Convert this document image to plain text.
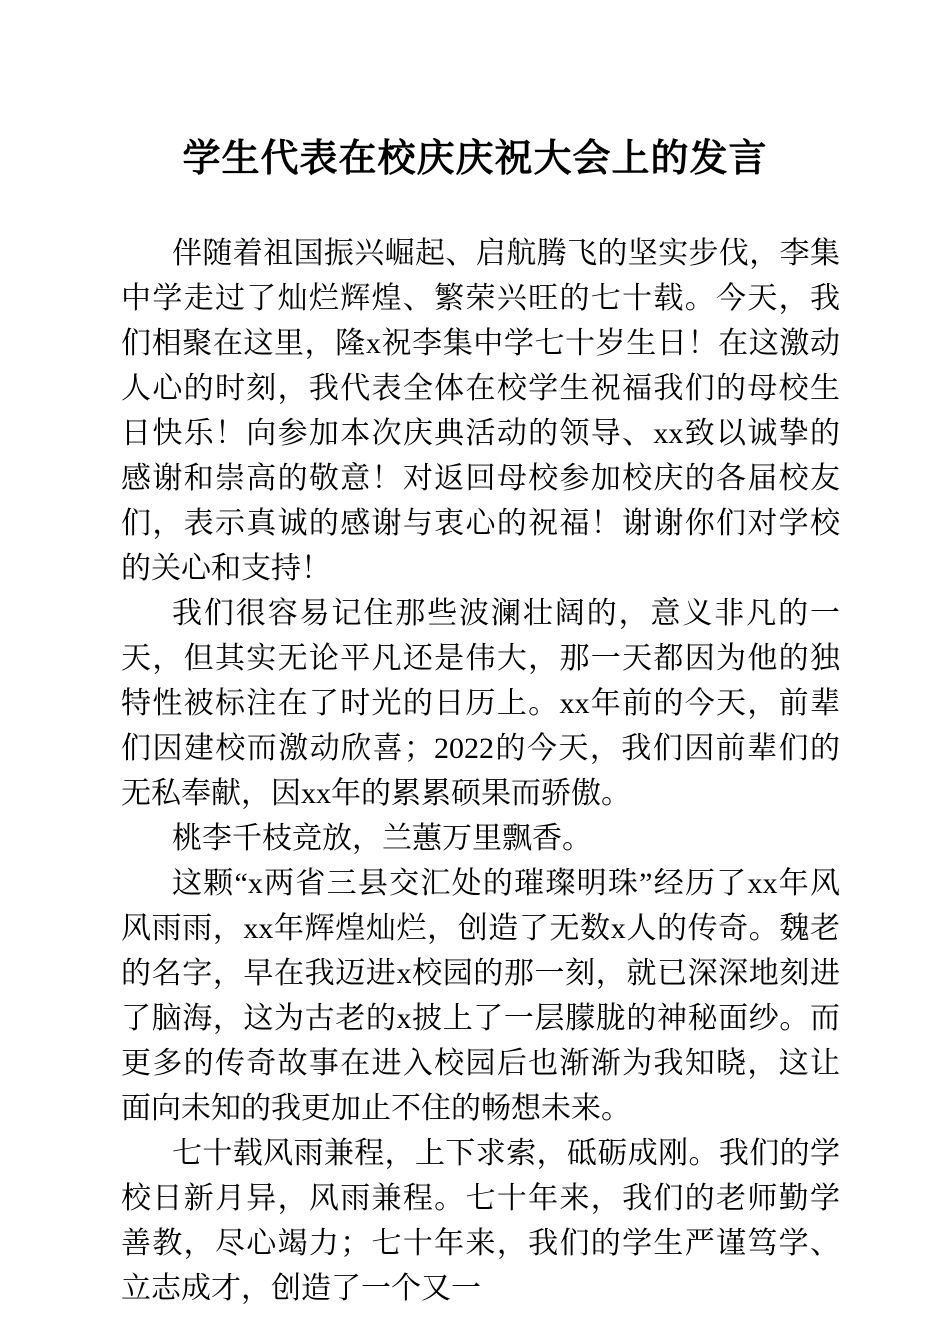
学生代表在校庆庆祝大会上的发言

伴随着祖国振兴崛起、启航腾飞的坚实步伐，李集中学走过了灿烂辉煌、繁荣兴旺的七十载。今天，我们相聚在这里，隆x祝李集中学七十岁生日！在这激动人心的时刻，我代表全体在校学生祝福我们的母校生日快乐！向参加本次庆典活动的领导、xx致以诚挚的感谢和崇高的敬意！对返回母校参加校庆的各届校友们，表示真诚的感谢与衷心的祝福！谢谢你们对学校的关心和支持！

我们很容易记住那些波澜壮阔的，意义非凡的一天，但其实无论平凡还是伟大，那一天都因为他的独特性被标注在了时光的日历上。xx年前的今天，前辈们因建校而激动欣喜；2022的今天，我们因前辈们的无私奉献，因xx年的累累硕果而骄傲。

桃李千枝竞放，兰蕙万里飘香。

这颗“x两省三县交汇处的璀璨明珠”经历了xx年风风雨雨，xx年辉煌灿烂，创造了无数x人的传奇。魏老的名字，早在我迈进x校园的那一刻，就已深深地刻进了脑海，这为古老的x披上了一层朦胧的神秘面纱。而更多的传奇故事在进入校园后也渐渐为我知晓，这让面向未知的我更加止不住的畅想未来。

七十载风雨兼程，上下求索，砥砺成刚。我们的学校日新月异，风雨兼程。七十年来，我们的老师勤学善教，尽心竭力；七十年来，我们的学生严谨笃学、立志成才，创造了一个又一
